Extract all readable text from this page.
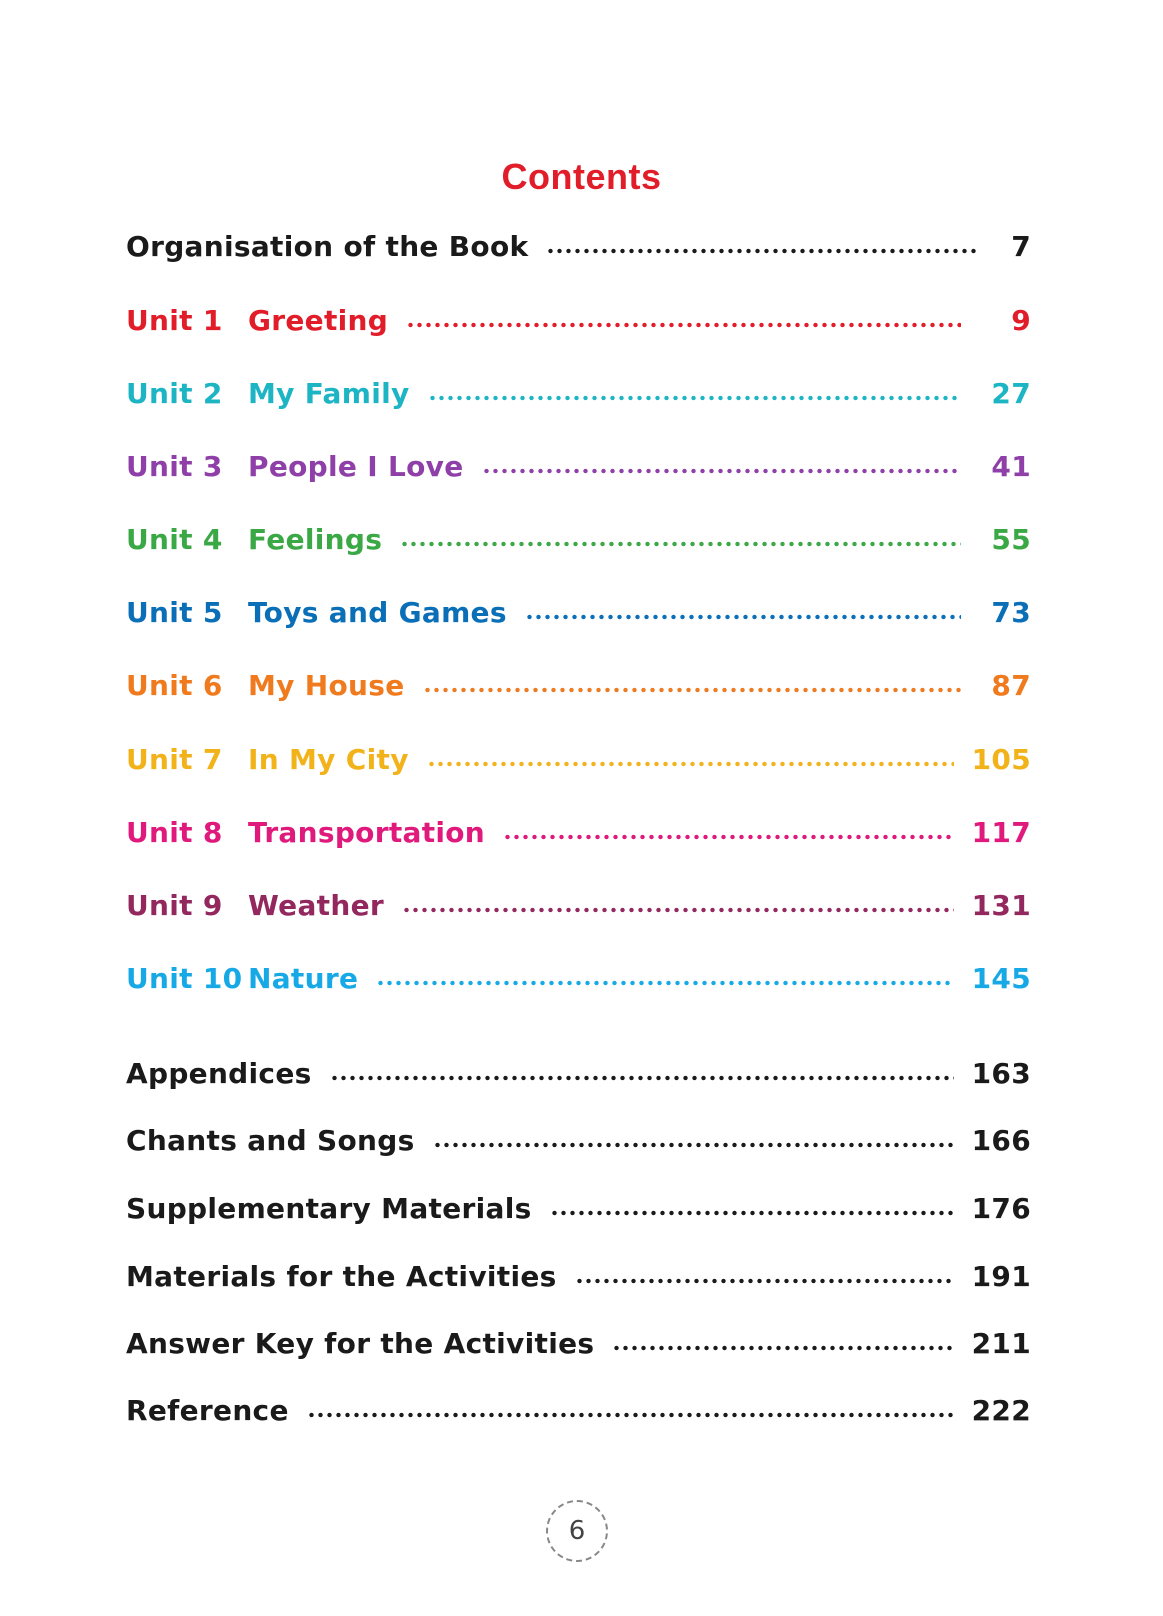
Contents
Organisation of the Book	7
Unit 1 Greeting	9
Unit 2 My Family	27
Unit 3 People I Love	41
Unit 4 Feelings	55
Unit 5 Toys and Games	73
Unit 6 My House	87
Unit 7 In My City	105
Unit 8 Transportation	117
Unit 9 Weather	131
Unit 10 Nature	145
Appendices	163
Chants and Songs	166
Supplementary Materials	176
Materials for the Activities	191
Answer Key for the Activities	211
Reference	222
6
